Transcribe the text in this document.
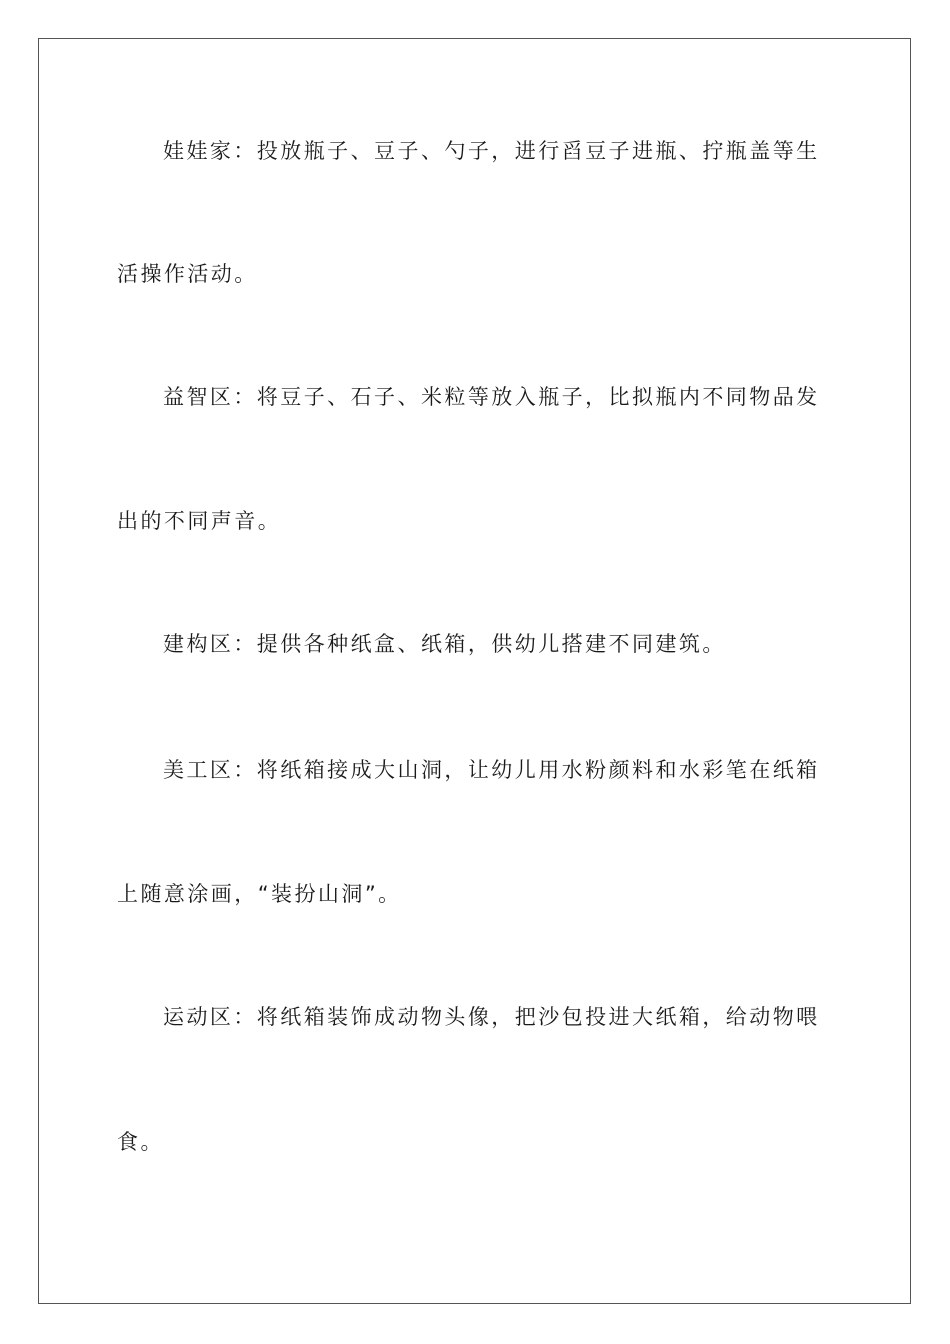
娃娃家：投放瓶子、豆子、勺子，进行舀豆子进瓶、拧瓶盖等生
活操作活动。
益智区：将豆子、石子、米粒等放入瓶子，比拟瓶内不同物品发
出的不同声音。
建构区：提供各种纸盒、纸箱，供幼儿搭建不同建筑。
美工区：将纸箱接成大山洞，让幼儿用水粉颜料和水彩笔在纸箱
上随意涂画，“装扮山洞”。
运动区：将纸箱装饰成动物头像，把沙包投进大纸箱，给动物喂
食。
